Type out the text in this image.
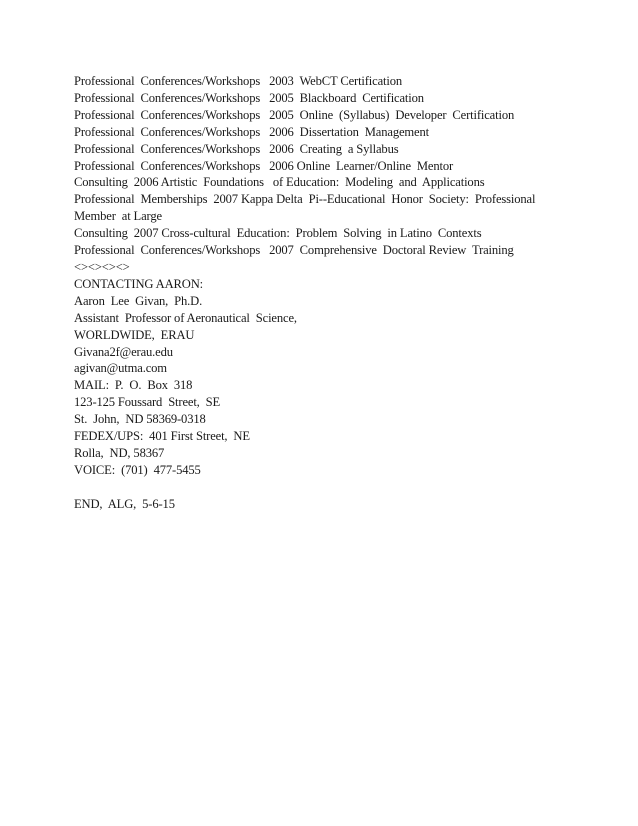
Professional  Conferences/Workshops   2003  WebCT Certification
Professional  Conferences/Workshops   2005  Blackboard  Certification
Professional  Conferences/Workshops   2005  Online  (Syllabus)  Developer  Certification
Professional  Conferences/Workshops   2006  Dissertation  Management
Professional  Conferences/Workshops   2006  Creating  a Syllabus
Professional  Conferences/Workshops   2006 Online  Learner/Online  Mentor
Consulting  2006 Artistic  Foundations   of Education:  Modeling  and  Applications
Professional  Memberships  2007 Kappa Delta  Pi--Educational  Honor  Society:  Professional
Member  at Large
Consulting  2007 Cross-cultural  Education:  Problem  Solving  in Latino  Contexts
Professional  Conferences/Workshops   2007  Comprehensive  Doctoral Review  Training
<><><><>
CONTACTING AARON:
Aaron  Lee  Givan,  Ph.D.
Assistant  Professor of Aeronautical  Science,
WORLDWIDE,  ERAU
Givana2f@erau.edu
agivan@utma.com
MAIL:  P.  O.  Box  318
123-125 Foussard  Street,  SE
St.  John,  ND 58369-0318
FEDEX/UPS:  401 First Street,  NE
Rolla,  ND, 58367
VOICE:  (701)  477-5455
END,  ALG,  5-6-15
